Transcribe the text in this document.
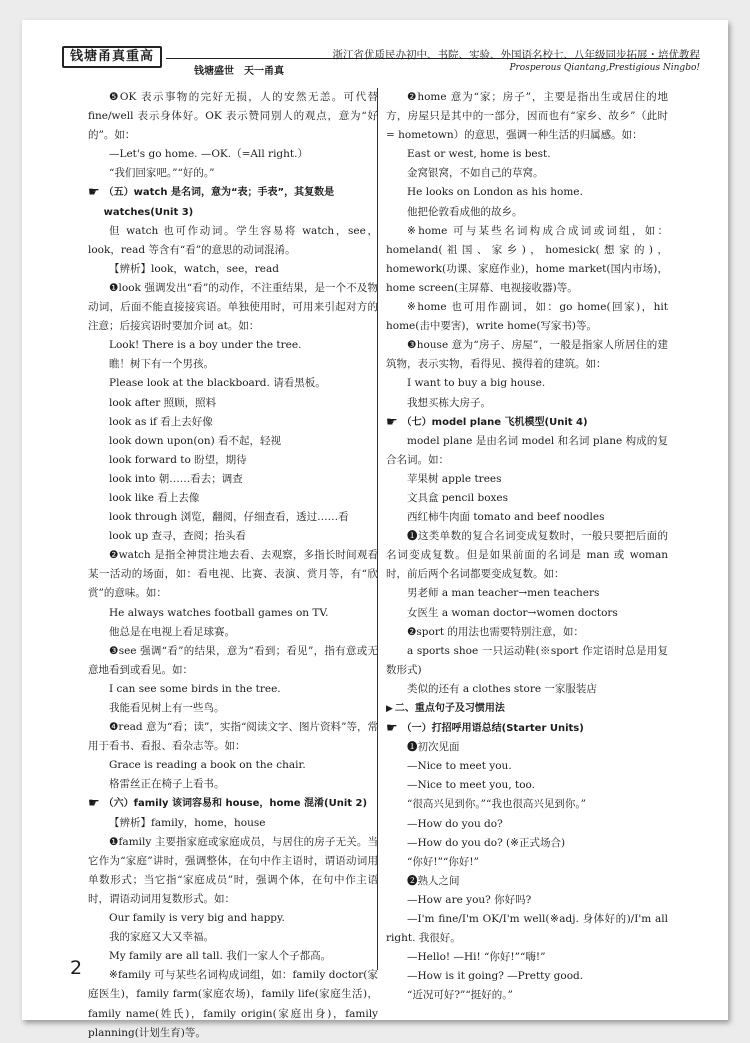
钱塘甬真重高
钱塘盛世　天一甬真
浙江省优质民办初中、书院、实验、外国语名校七、八年级同步拓展・培优教程
Prosperous Qiantang,Prestigious Ningbo!

❺OK 表示事物的完好无损，人的安然无恙。可代替 fine/well 表示身体好。OK 表示赞同别人的观点，意为“好的”。如：

—Let's go home. —OK.（=All right.）

“我们回家吧。”“好的。”

☛ （五）watch 是名词，意为“表；手表”，其复数是 watches(Unit 3)

但 watch 也可作动词。学生容易将 watch，see，look，read 等含有“看”的意思的动词混淆。

【辨析】look，watch，see，read

❶look 强调发出“看”的动作，不注重结果，是一个不及物动词，后面不能直接接宾语。单独使用时，可用来引起对方的注意；后接宾语时要加介词 at。如：

Look! There is a boy under the tree.

瞧！树下有一个男孩。

Please look at the blackboard. 请看黑板。

look after 照顾，照料

look as if 看上去好像

look down upon(on) 看不起，轻视

look forward to 盼望，期待

look into 朝……看去；调查

look like 看上去像

look through 浏览，翻阅，仔细查看，透过……看

look up 查寻，查阅；抬头看

❷watch 是指全神贯注地去看、去观察，多指长时间观看某一活动的场面，如：看电视、比赛、表演、赏月等，有“欣赏”的意味。如：

He always watches football games on TV.

他总是在电视上看足球赛。

❸see 强调“看”的结果，意为“看到；看见”，指有意或无意地看到或看见。如：

I can see some birds in the tree.

我能看见树上有一些鸟。

❹read 意为“看；读”，实指“阅读文字、图片资料”等，常用于看书、看报、看杂志等。如：

Grace is reading a book on the chair.

格雷丝正在椅子上看书。

☛ （六）family 该词容易和 house，home 混淆(Unit 2)

【辨析】family，home，house

❶family 主要指家庭或家庭成员，与居住的房子无关。当它作为“家庭”讲时，强调整体，在句中作主语时，谓语动词用单数形式；当它指“家庭成员”时，强调个体，在句中作主语时，谓语动词用复数形式。如：

Our family is very big and happy.

我的家庭又大又幸福。

My family are all tall. 我们一家人个子都高。

※family 可与某些名词构成词组，如：family doctor(家庭医生)，family farm(家庭农场)，family life(家庭生活)，family name(姓氏)，family origin(家庭出身)，family planning(计划生育)等。

❷home 意为“家；房子”，主要是指出生或居住的地方，房屋只是其中的一部分，因而也有“家乡、故乡”（此时 = hometown）的意思，强调一种生活的归属感。如：

East or west, home is best.

金窝银窝，不如自己的草窝。

He looks on London as his home.

他把伦敦看成他的故乡。

※home 可与某些名词构成合成词或词组，如：homeland(祖国、家乡)，homesick(想家的)，homework(功课、家庭作业)，home market(国内市场)，home screen(主屏幕、电视接收器)等。

※home 也可用作副词，如：go home(回家)，hit home(击中要害)，write home(写家书)等。

❸house 意为“房子、房屋”，一般是指家人所居住的建筑物，表示实物，看得见、摸得着的建筑。如：

I want to buy a big house.

我想买栋大房子。

☛ （七）model plane 飞机模型(Unit 4)

model plane 是由名词 model 和名词 plane 构成的复合名词。如：

苹果树 apple trees

文具盒 pencil boxes

西红柿牛肉面 tomato and beef noodles

❶这类单数的复合名词变成复数时，一般只要把后面的名词变成复数。但是如果前面的名词是 man 或 woman 时，前后两个名词都要变成复数。如：

男老师 a man teacher→men teachers

女医生 a woman doctor→women doctors

❷sport 的用法也需要特别注意，如：

a sports shoe 一只运动鞋(※sport 作定语时总是用复数形式)

类似的还有 a clothes store 一家服装店

▶ 二、重点句子及习惯用法
☛ （一）打招呼用语总结(Starter Units)

❶初次见面

—Nice to meet you.

—Nice to meet you, too.

“很高兴见到你。”“我也很高兴见到你。”

—How do you do?

—How do you do? (※正式场合)

“你好!”“你好!”

❷熟人之间

—How are you? 你好吗?

—I'm fine/I'm OK/I'm well(※adj. 身体好的)/I'm all right. 我很好。

—Hello! —Hi! “你好!”“嗨!”

—How is it going? —Pretty good.

“近况可好?”“挺好的。”

2
